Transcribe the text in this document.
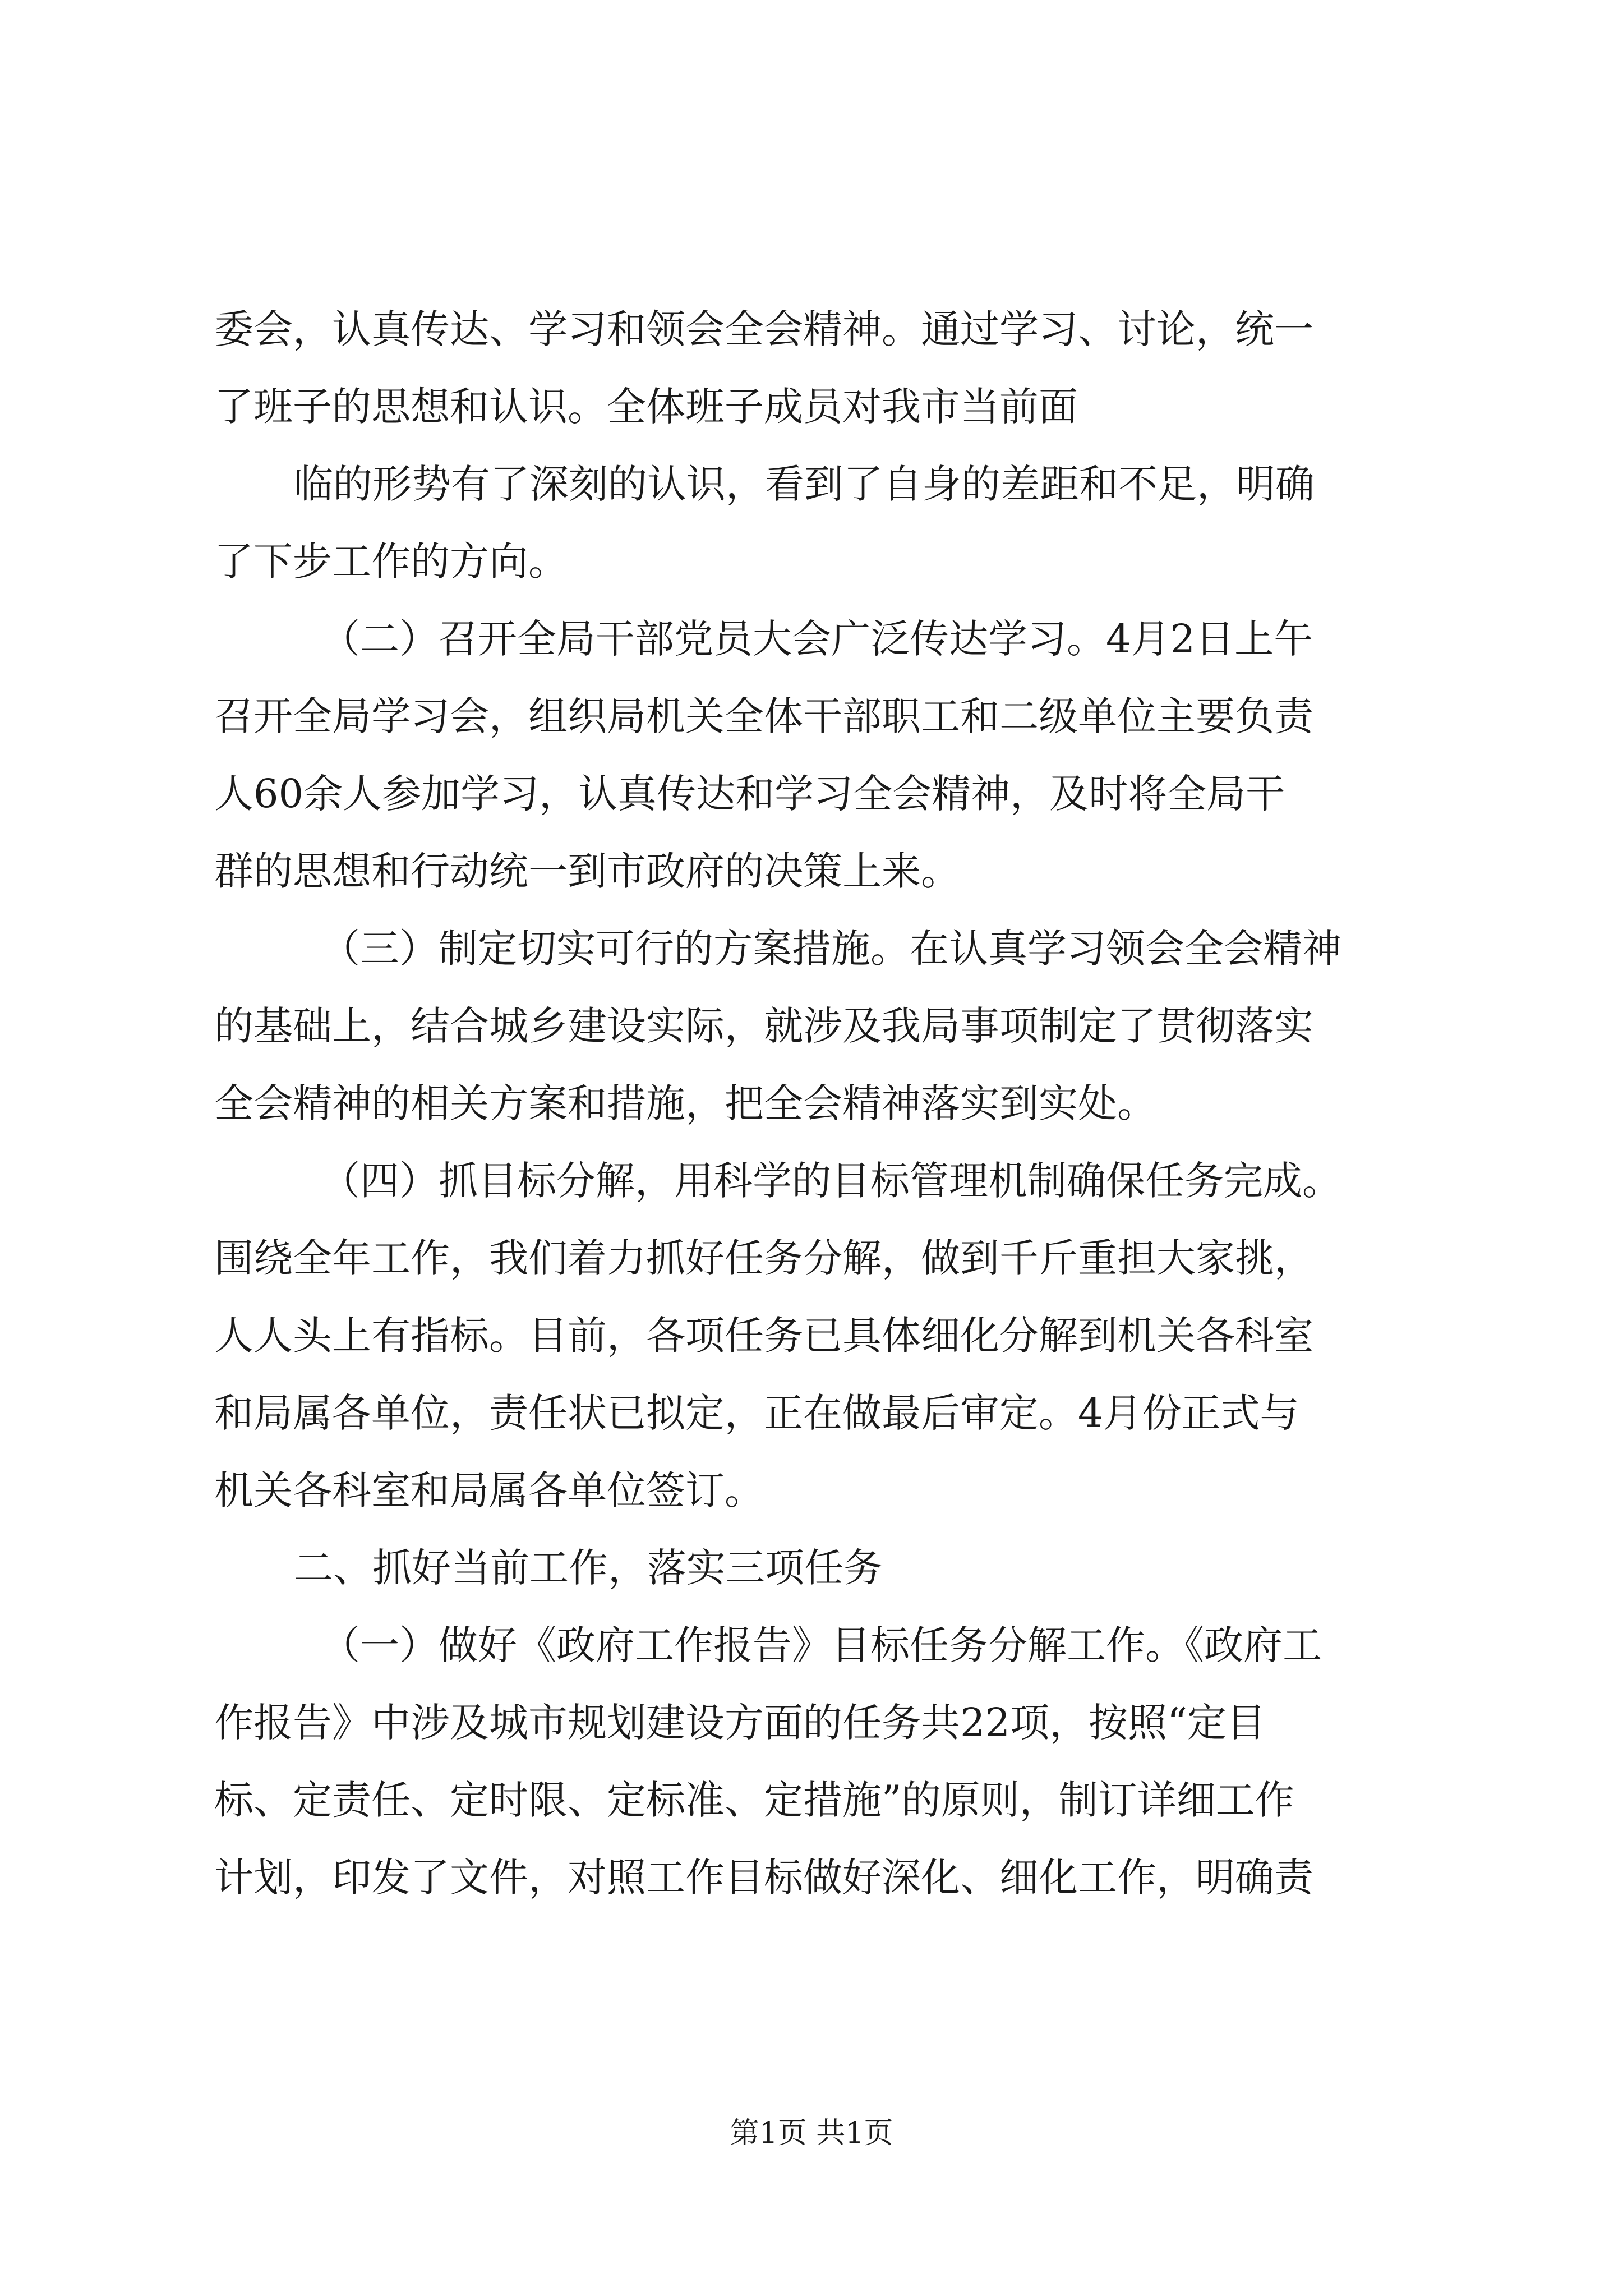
委会，认真传达、学习和领会全会精神。通过学习、讨论，统一
了班子的思想和认识。全体班子成员对我市当前面
临的形势有了深刻的认识，看到了自身的差距和不足，明确
了下步工作的方向。
（二）召开全局干部党员大会广泛传达学习。4月2日上午
召开全局学习会，组织局机关全体干部职工和二级单位主要负责
人60余人参加学习，认真传达和学习全会精神，及时将全局干
群的思想和行动统一到市政府的决策上来。
（三）制定切实可行的方案措施。在认真学习领会全会精神
的基础上，结合城乡建设实际，就涉及我局事项制定了贯彻落实
全会精神的相关方案和措施，把全会精神落实到实处。
（四）抓目标分解，用科学的目标管理机制确保任务完成。
围绕全年工作，我们着力抓好任务分解，做到千斤重担大家挑，
人人头上有指标。目前，各项任务已具体细化分解到机关各科室
和局属各单位，责任状已拟定，正在做最后审定。4月份正式与
机关各科室和局属各单位签订。
二、抓好当前工作，落实三项任务
（一）做好《政府工作报告》目标任务分解工作。《政府工
作报告》中涉及城市规划建设方面的任务共22项，按照“定目
标、定责任、定时限、定标准、定措施”的原则，制订详细工作
计划，印发了文件，对照工作目标做好深化、细化工作，明确责
第1页 共1页
